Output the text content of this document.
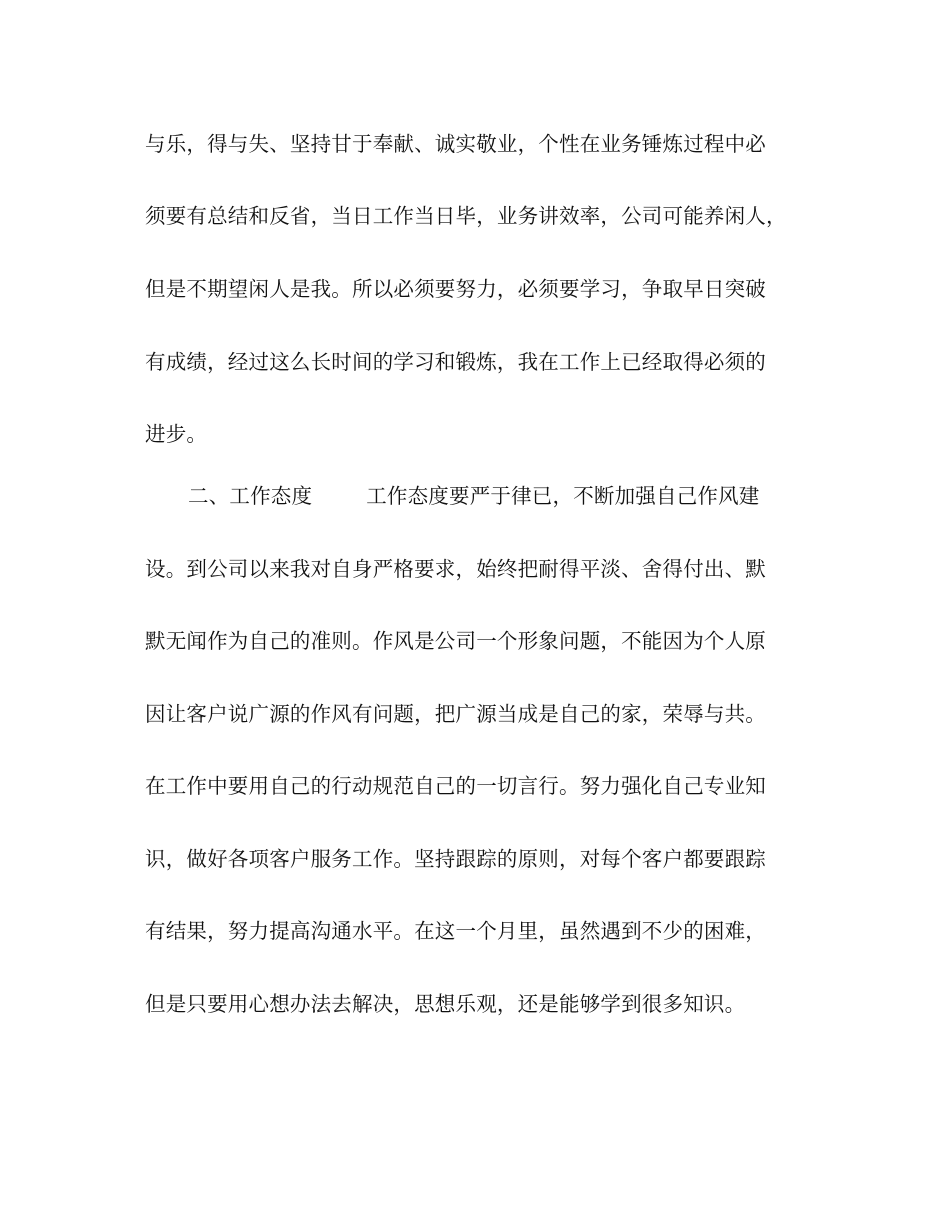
与乐，得与失、坚持甘于奉献、诚实敬业，个性在业务锤炼过程中必
须要有总结和反省，当日工作当日毕，业务讲效率，公司可能养闲人，
但是不期望闲人是我。所以必须要努力，必须要学习，争取早日突破
有成绩，经过这么长时间的学习和锻炼，我在工作上已经取得必须的
进步。
二、工作态度	工作态度要严于律已，不断加强自己作风建
设。到公司以来我对自身严格要求，始终把耐得平淡、舍得付出、默
默无闻作为自己的准则。作风是公司一个形象问题，不能因为个人原
因让客户说广源的作风有问题，把广源当成是自己的家，荣辱与共。
在工作中要用自己的行动规范自己的一切言行。努力强化自己专业知
识，做好各项客户服务工作。坚持跟踪的原则，对每个客户都要跟踪
有结果，努力提高沟通水平。在这一个月里，虽然遇到不少的困难，
但是只要用心想办法去解决，思想乐观，还是能够学到很多知识。
